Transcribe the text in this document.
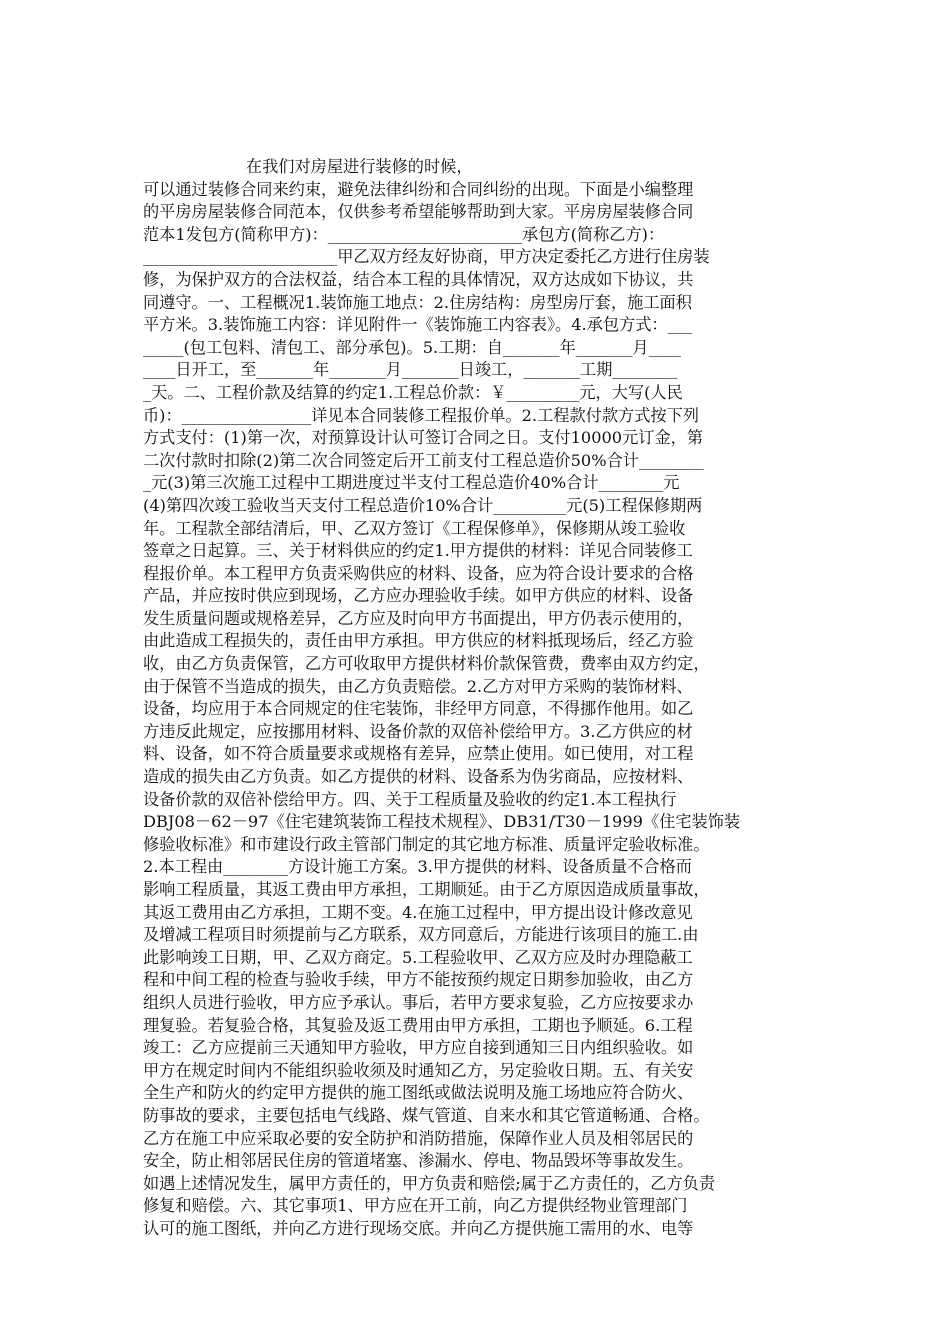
在我们对房屋进行装修的时候，
可以通过装修合同来约束，避免法律纠纷和合同纠纷的出现。下面是小编整理
的平房房屋装修合同范本，仅供参考希望能够帮助到大家。平房房屋装修合同
范本1发包方(简称甲方)：________________________承包方(简称乙方)：
________________________甲乙双方经友好协商，甲方决定委托乙方进行住房装
修，为保护双方的合法权益，结合本工程的具体情况，双方达成如下协议，共
同遵守。一、工程概况1.装饰施工地点：2.住房结构：房型房厅套，施工面积
平方米。3.装饰施工内容：详见附件一《装饰施工内容表》。4.承包方式：___
_____(包工包料、清包工、部分承包)。5.工期：自_______年_______月____
____日开工，至_______年_______月_______日竣工，_______工期________
_天。二、工程价款及结算的约定1.工程总价款：￥_________元，大写(人民
币)：________________详见本合同装修工程报价单。2.工程款付款方式按下列
方式支付：(1)第一次，对预算设计认可签订合同之日。支付10000元订金，第
二次付款时扣除(2)第二次合同签定后开工前支付工程总造价50%合计________
_元(3)第三次施工过程中工期进度过半支付工程总造价40%合计________元
(4)第四次竣工验收当天支付工程总造价10%合计_________元(5)工程保修期两
年。工程款全部结清后，甲、乙双方签订《工程保修单》，保修期从竣工验收
签章之日起算。三、关于材料供应的约定1.甲方提供的材料：详见合同装修工
程报价单。本工程甲方负责采购供应的材料、设备，应为符合设计要求的合格
产品，并应按时供应到现场，乙方应办理验收手续。如甲方供应的材料、设备
发生质量问题或规格差异，乙方应及时向甲方书面提出，甲方仍表示使用的，
由此造成工程损失的，责任由甲方承担。甲方供应的材料抵现场后，经乙方验
收，由乙方负责保管，乙方可收取甲方提供材料价款保管费，费率由双方约定，
由于保管不当造成的损失，由乙方负责赔偿。2.乙方对甲方采购的装饰材料、
设备，均应用于本合同规定的住宅装饰，非经甲方同意，不得挪作他用。如乙
方违反此规定，应按挪用材料、设备价款的双倍补偿给甲方。3.乙方供应的材
料、设备，如不符合质量要求或规格有差异，应禁止使用。如已使用，对工程
造成的损失由乙方负责。如乙方提供的材料、设备系为伪劣商品，应按材料、
设备价款的双倍补偿给甲方。四、关于工程质量及验收的约定1.本工程执行
DBJ08－62－97《住宅建筑装饰工程技术规程》、DB31/T30－1999《住宅装饰装
修验收标准》和市建设行政主管部门制定的其它地方标准、质量评定验收标准。
2.本工程由________方设计施工方案。3.甲方提供的材料、设备质量不合格而
影响工程质量，其返工费由甲方承担，工期顺延。由于乙方原因造成质量事故，
其返工费用由乙方承担，工期不变。4.在施工过程中，甲方提出设计修改意见
及增减工程项目时须提前与乙方联系，双方同意后，方能进行该项目的施工.由
此影响竣工日期，甲、乙双方商定。5.工程验收甲、乙双方应及时办理隐蔽工
程和中间工程的检查与验收手续，甲方不能按预约规定日期参加验收，由乙方
组织人员进行验收，甲方应予承认。事后，若甲方要求复验，乙方应按要求办
理复验。若复验合格，其复验及返工费用由甲方承担，工期也予顺延。6.工程
竣工：乙方应提前三天通知甲方验收，甲方应自接到通知三日内组织验收。如
甲方在规定时间内不能组织验收须及时通知乙方，另定验收日期。五、有关安
全生产和防火的约定甲方提供的施工图纸或做法说明及施工场地应符合防火、
防事故的要求，主要包括电气线路、煤气管道、自来水和其它管道畅通、合格。
乙方在施工中应采取必要的安全防护和消防措施，保障作业人员及相邻居民的
安全，防止相邻居民住房的管道堵塞、渗漏水、停电、物品毁坏等事故发生。
如遇上述情况发生，属甲方责任的，甲方负责和赔偿;属于乙方责任的，乙方负责
修复和赔偿。六、其它事项1、甲方应在开工前，向乙方提供经物业管理部门
认可的施工图纸，并向乙方进行现场交底。并向乙方提供施工需用的水、电等
